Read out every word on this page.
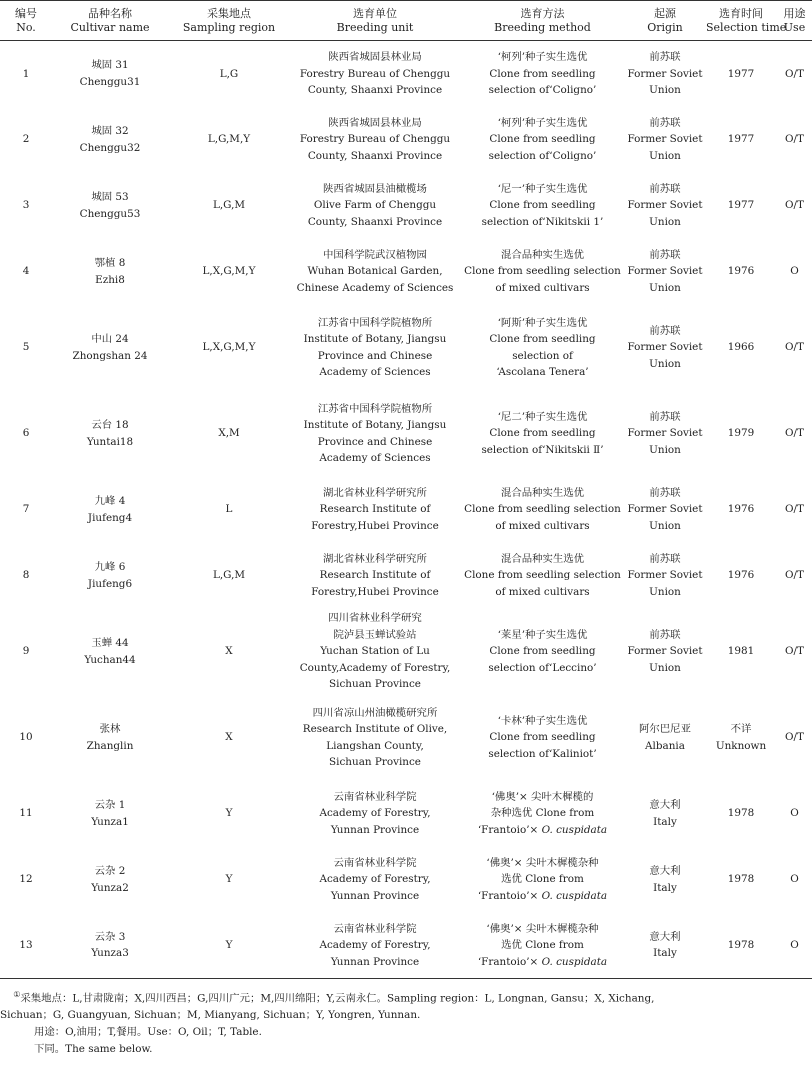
编号
No.	品种名称
Cultivar name	采集地点
Sampling region	选育单位
Breeding unit	选育方法
Breeding method	起源
Origin	选育时间
Selection time	用途
Use

1	城固 31
Chenggu31	L,G	陕西省城固县林业局
Forestry Bureau of Chenggu
County, Shaanxi Province	‘柯列’种子实生选优
Clone from seedling
selection of‘Coligno’	前苏联
Former Soviet
Union	1977	O/T
2	城固 32
Chenggu32	L,G,M,Y	陕西省城固县林业局
Forestry Bureau of Chenggu
County, Shaanxi Province	‘柯列’种子实生选优
Clone from seedling
selection of‘Coligno’	前苏联
Former Soviet
Union	1977	O/T
3	城固 53
Chenggu53	L,G,M	陕西省城固县油橄榄场
Olive Farm of Chenggu
County, Shaanxi Province	‘尼一’种子实生选优
Clone from seedling
selection of‘Nikitskii 1’	前苏联
Former Soviet
Union	1977	O/T
4	鄂植 8
Ezhi8	L,X,G,M,Y	中国科学院武汉植物园
Wuhan Botanical Garden,
Chinese Academy of Sciences	混合品种实生选优
Clone from seedling selection
of mixed cultivars	前苏联
Former Soviet
Union	1976	O
5	中山 24
Zhongshan 24	L,X,G,M,Y	江苏省中国科学院植物所
Institute of Botany, Jiangsu
Province and Chinese
Academy of Sciences	‘阿斯’种子实生选优
Clone from seedling
selection of
‘Ascolana Tenera’	前苏联
Former Soviet
Union	1966	O/T
6	云台 18
Yuntai18	X,M	江苏省中国科学院植物所
Institute of Botany, Jiangsu
Province and Chinese
Academy of Sciences	‘尼二’种子实生选优
Clone from seedling
selection of‘Nikitskii Ⅱ’	前苏联
Former Soviet
Union	1979	O/T
7	九峰 4
Jiufeng4	L	湖北省林业科学研究所
Research Institute of
Forestry,Hubei Province	混合品种实生选优
Clone from seedling selection
of mixed cultivars	前苏联
Former Soviet
Union	1976	O/T
8	九峰 6
Jiufeng6	L,G,M	湖北省林业科学研究所
Research Institute of
Forestry,Hubei Province	混合品种实生选优
Clone from seedling selection
of mixed cultivars	前苏联
Former Soviet
Union	1976	O/T
9	玉蝉 44
Yuchan44	X	四川省林业科学研究
院泸县玉蝉试验站
Yuchan Station of Lu
County,Academy of Forestry,
Sichuan Province	‘莱星’种子实生选优
Clone from seedling
selection of‘Leccino’	前苏联
Former Soviet
Union	1981	O/T
10	张林
Zhanglin	X	四川省凉山州油橄榄研究所
Research Institute of Olive,
Liangshan County,
Sichuan Province	‘卡林’种子实生选优
Clone from seedling
selection of‘Kaliniot’	阿尔巴尼亚
Albania	不详
Unknown	O/T
11	云杂 1
Yunza1	Y	云南省林业科学院
Academy of Forestry,
Yunnan Province	‘佛奥’× 尖叶木樨榄的
杂种选优 Clone from
‘Frantoio’× O. cuspidata	意大利
Italy	1978	O
12	云杂 2
Yunza2	Y	云南省林业科学院
Academy of Forestry,
Yunnan Province	‘佛奥’× 尖叶木樨榄杂种
选优 Clone from
‘Frantoio’× O. cuspidata	意大利
Italy	1978	O
13	云杂 3
Yunza3	Y	云南省林业科学院
Academy of Forestry,
Yunnan Province	‘佛奥’× 尖叶木樨榄杂种
选优 Clone from
‘Frantoio’× O. cuspidata	意大利
Italy	1978	O

①采集地点：L,甘肃陇南；X,四川西昌；G,四川广元；M,四川绵阳；Y,云南永仁。Sampling region：L, Longnan, Gansu；X, Xichang,

Sichuan；G, Guangyuan, Sichuan；M, Mianyang, Sichuan；Y, Yongren, Yunnan.

用途：O,油用；T,餐用。Use：O, Oil；T, Table.

下同。The same below.
